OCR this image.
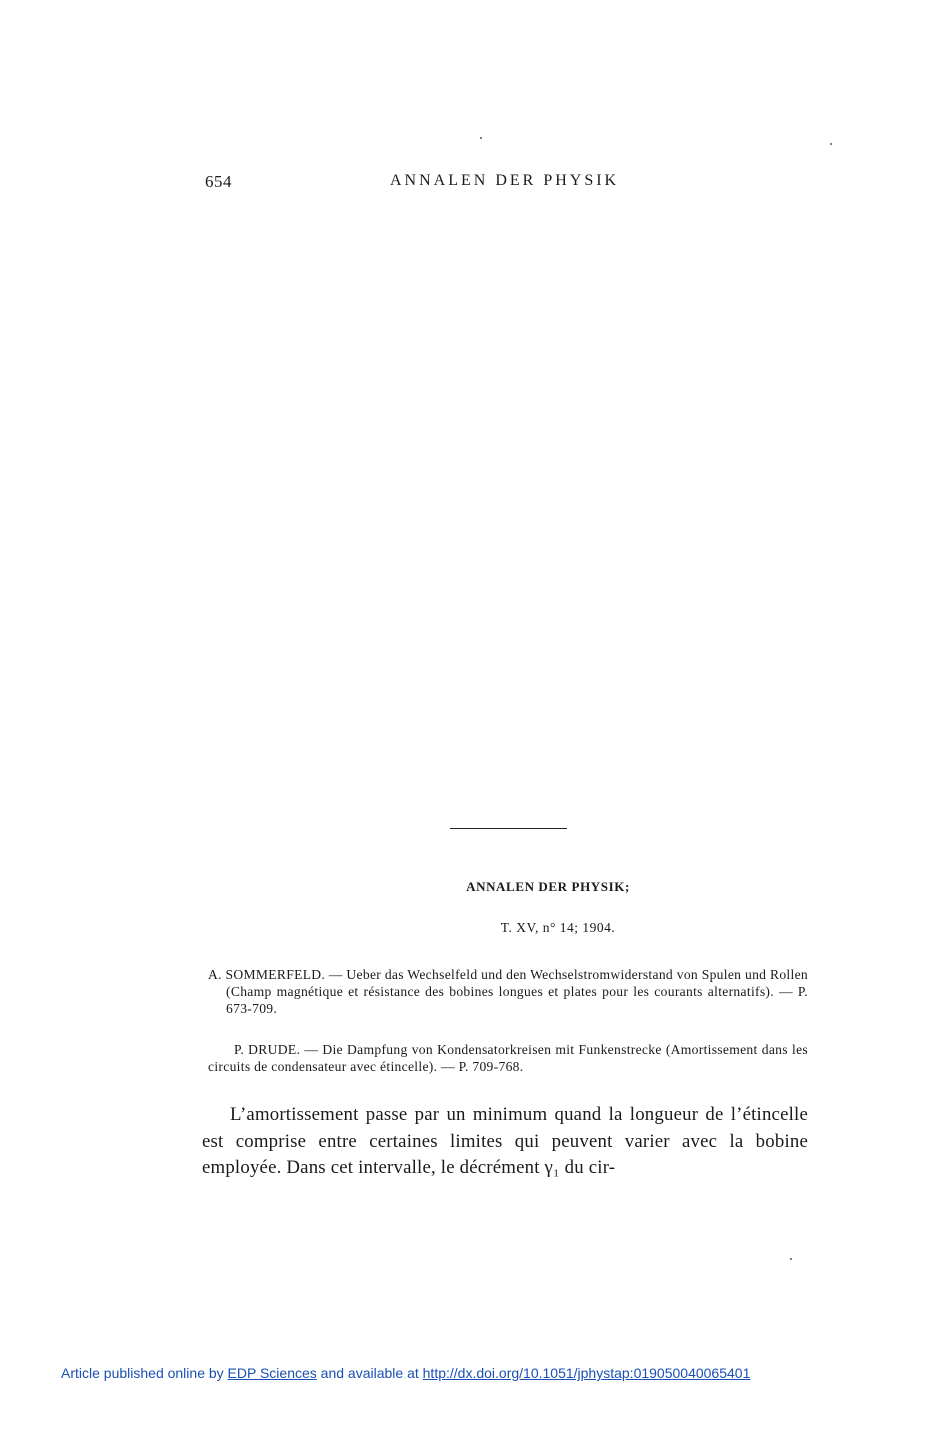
654	ANNALEN DER PHYSIK
ANNALEN DER PHYSIK;
T. XV, n° 14; 1904.
A. SOMMERFELD. — Ueber das Wechselfeld und den Wechselstromwiderstand von Spulen und Rollen (Champ magnétique et résistance des bobines longues et plates pour les courants alternatifs). — P. 673-709.
P. DRUDE. — Die Dampfung von Kondensatorkreisen mit Funkenstrecke (Amortissement dans les circuits de condensateur avec étincelle). — P. 709-768.
L’amortissement passe par un minimum quand la longueur de l’étincelle est comprise entre certaines limites qui peuvent varier avec la bobine employée. Dans cet intervalle, le décrément γ₁ du cir-
Article published online by EDP Sciences and available at http://dx.doi.org/10.1051/jphystap:019050040065401
